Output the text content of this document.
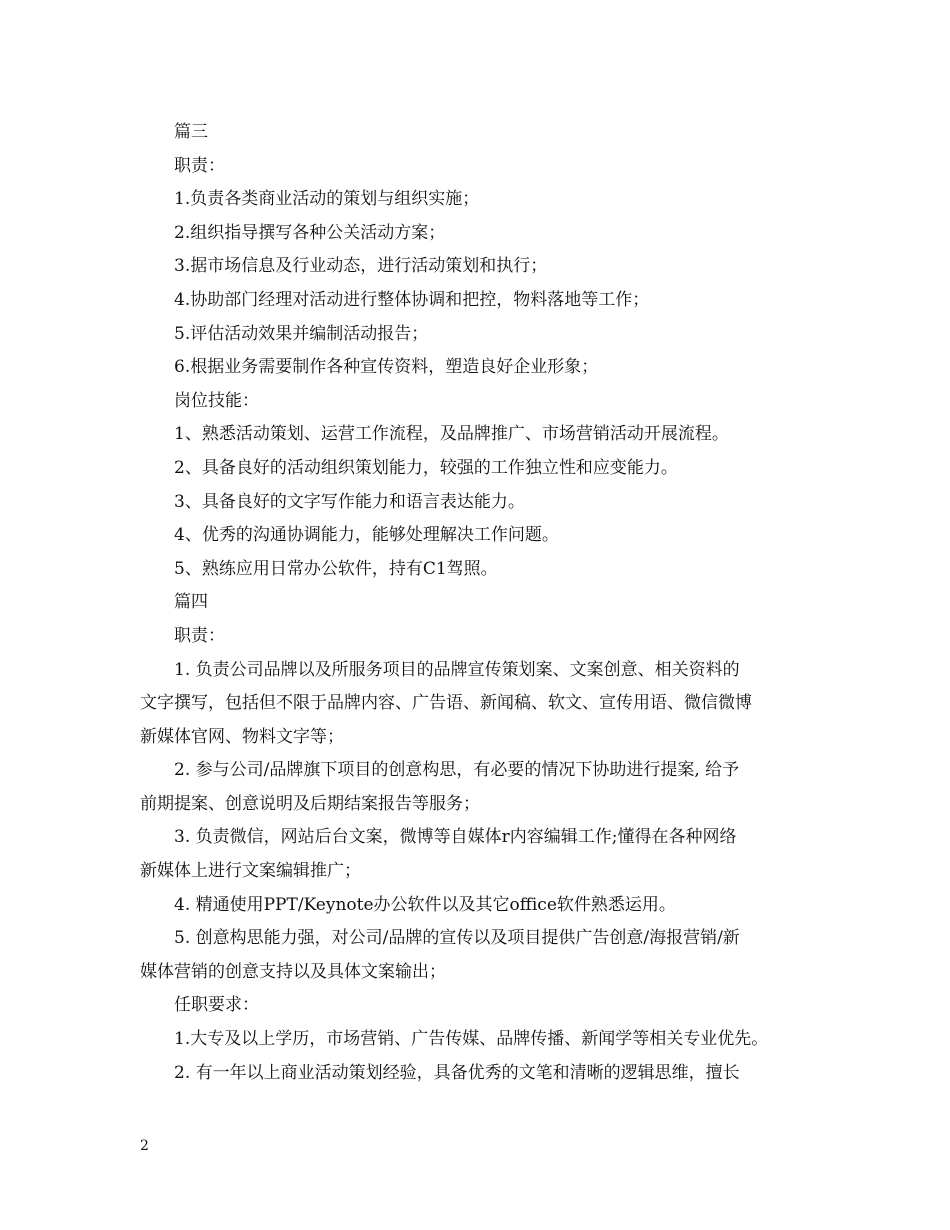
篇三
职责：
1.负责各类商业活动的策划与组织实施；
2.组织指导撰写各种公关活动方案；
3.据市场信息及行业动态，进行活动策划和执行；
4.协助部门经理对活动进行整体协调和把控，物料落地等工作；
5.评估活动效果并编制活动报告；
6.根据业务需要制作各种宣传资料，塑造良好企业形象；
岗位技能：
1、熟悉活动策划、运营工作流程，及品牌推广、市场营销活动开展流程。
2、具备良好的活动组织策划能力，较强的工作独立性和应变能力。
3、具备良好的文字写作能力和语言表达能力。
4、优秀的沟通协调能力，能够处理解决工作问题。
5、熟练应用日常办公软件，持有C1驾照。
篇四
职责：
1. 负责公司品牌以及所服务项目的品牌宣传策划案、文案创意、相关资料的
文字撰写，包括但不限于品牌内容、广告语、新闻稿、软文、宣传用语、微信微博
新媒体官网、物料文字等；
2. 参与公司/品牌旗下项目的创意构思，有必要的情况下协助进行提案, 给予
前期提案、创意说明及后期结案报告等服务；
3. 负责微信，网站后台文案，微博等自媒体r内容编辑工作;懂得在各种网络
新媒体上进行文案编辑推广；
4. 精通使用PPT/Keynote办公软件以及其它office软件熟悉运用。
5. 创意构思能力强，对公司/品牌的宣传以及项目提供广告创意/海报营销/新
媒体营销的创意支持以及具体文案输出；
任职要求：
1.大专及以上学历，市场营销、广告传媒、品牌传播、新闻学等相关专业优先。
2. 有一年以上商业活动策划经验，具备优秀的文笔和清晰的逻辑思维，擅长
2
